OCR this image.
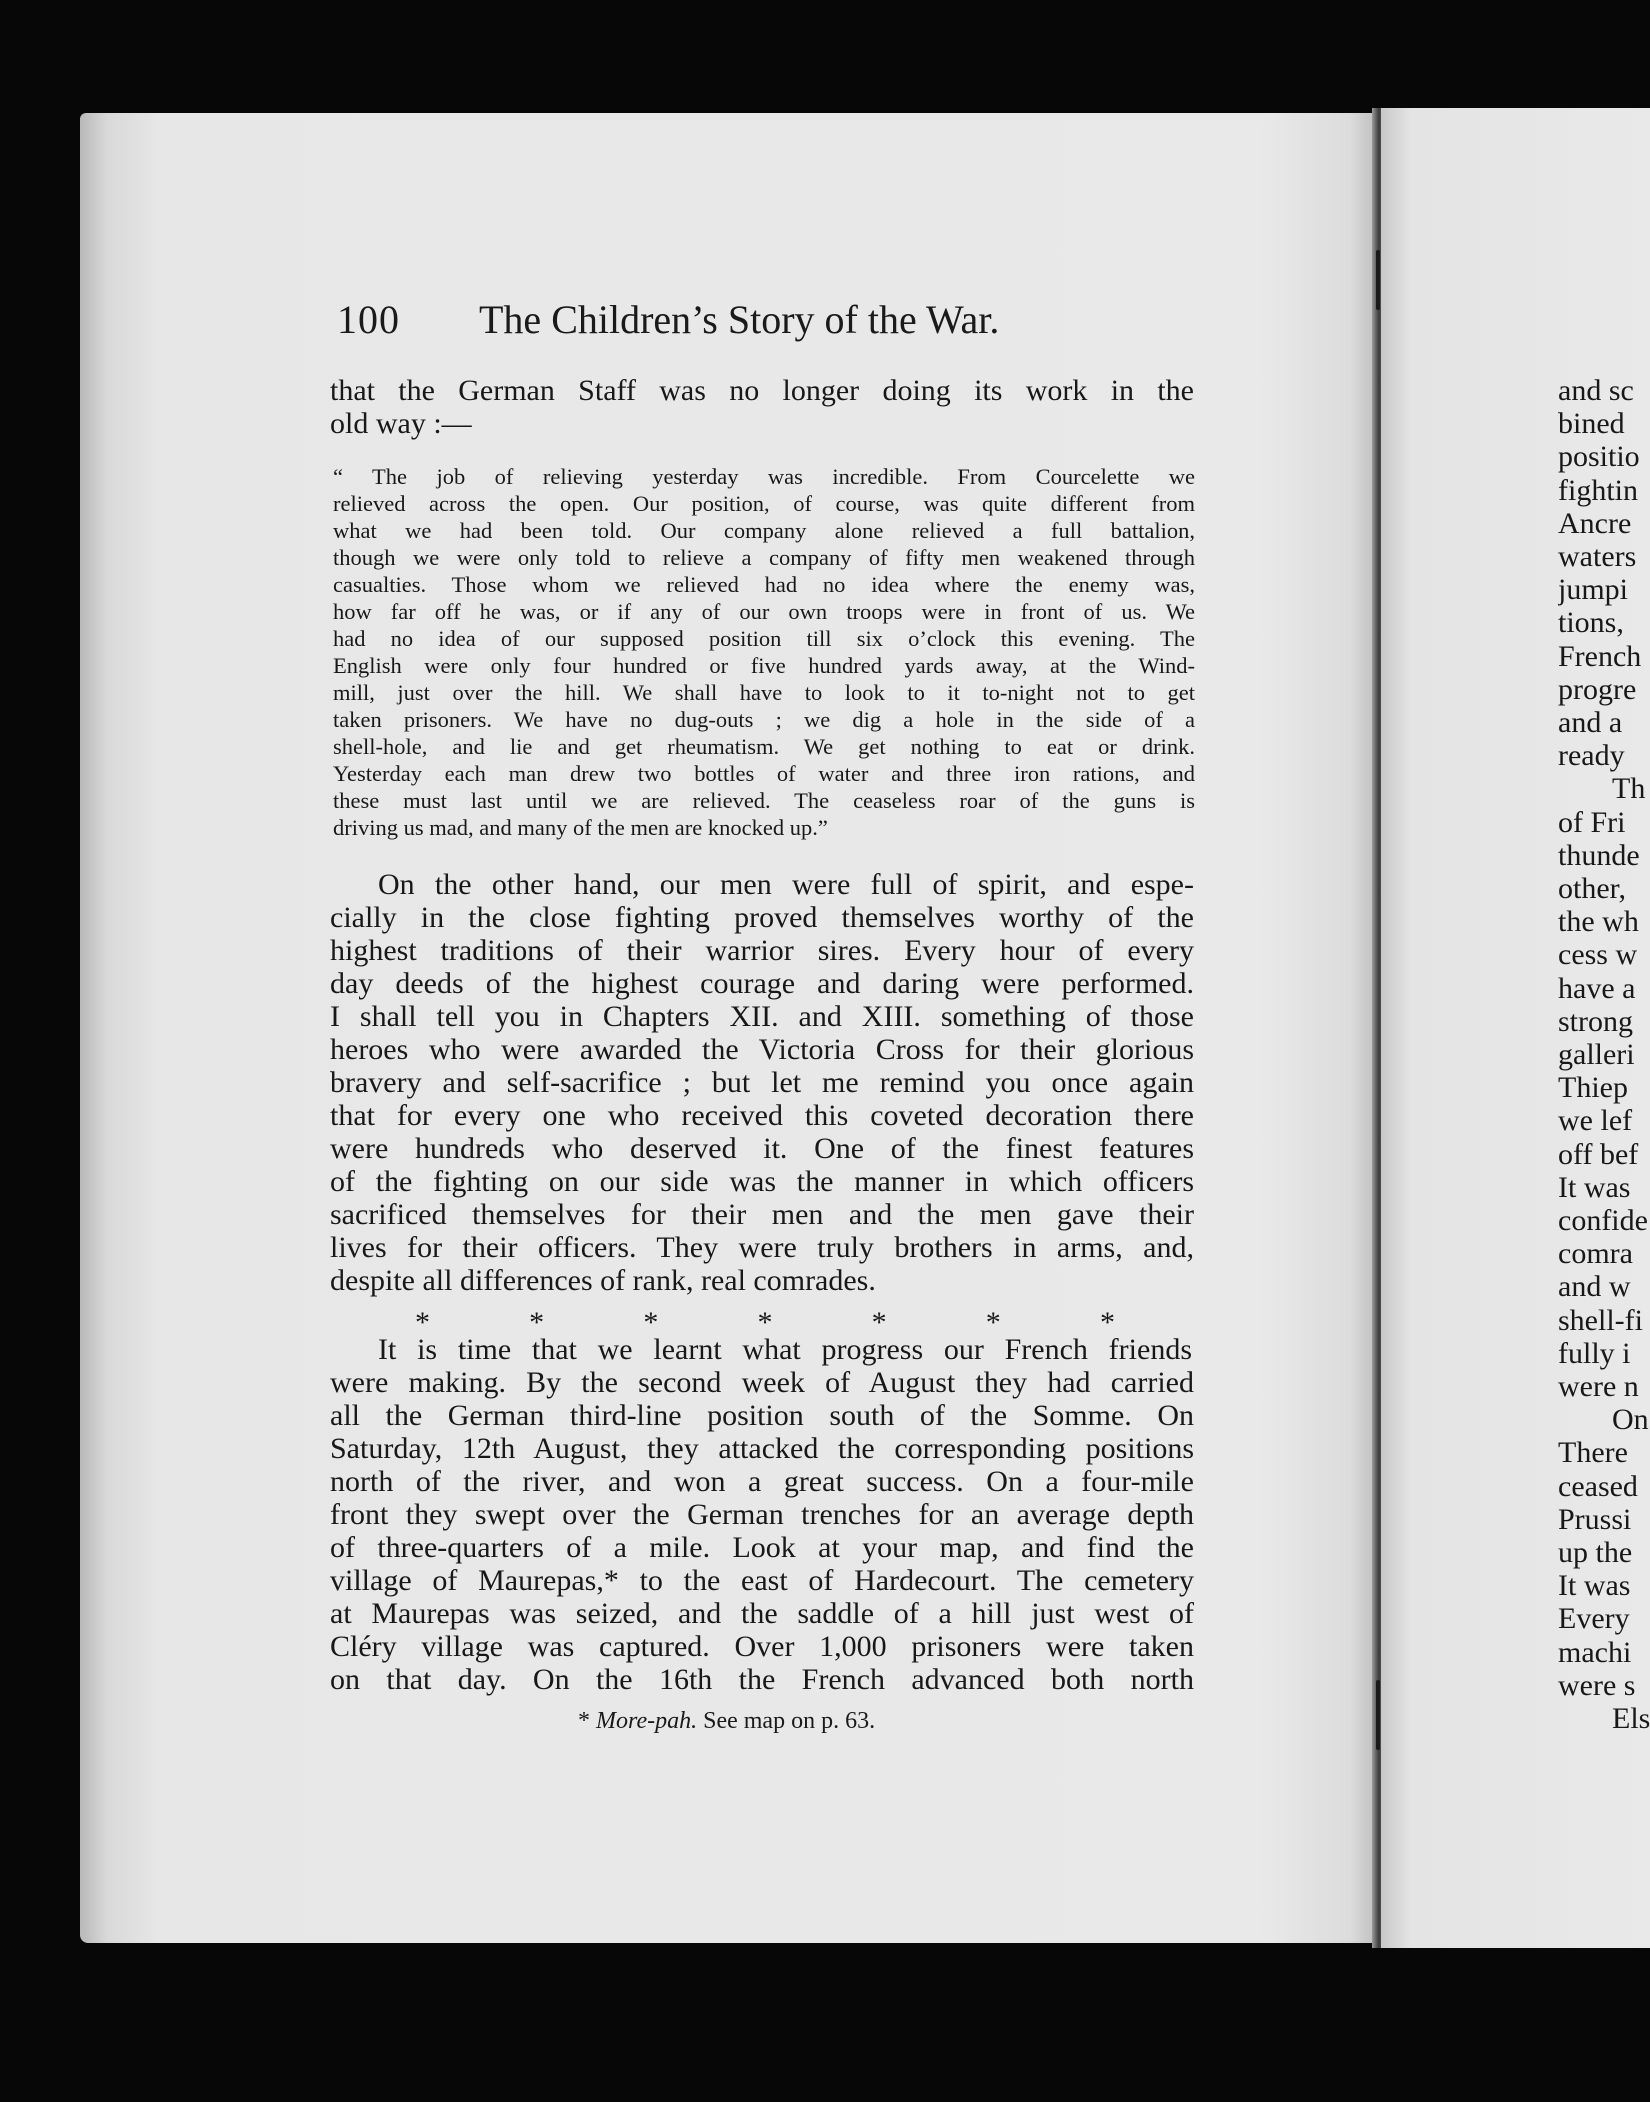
100 The Children’s Story of the War.
that the German Staff was no longer doing its work in the
old way :—
“ The job of relieving yesterday was incredible. From Courcelette we
relieved across the open. Our position, of course, was quite different from
what we had been told. Our company alone relieved a full battalion,
though we were only told to relieve a company of fifty men weakened through
casualties. Those whom we relieved had no idea where the enemy was,
how far off he was, or if any of our own troops were in front of us. We
had no idea of our supposed position till six o’clock this evening. The
English were only four hundred or five hundred yards away, at the Wind-
mill, just over the hill. We shall have to look to it to-night not to get
taken prisoners. We have no dug-outs ; we dig a hole in the side of a
shell-hole, and lie and get rheumatism. We get nothing to eat or drink.
Yesterday each man drew two bottles of water and three iron rations, and
these must last until we are relieved. The ceaseless roar of the guns is
driving us mad, and many of the men are knocked up.”
On the other hand, our men were full of spirit, and espe-
cially in the close fighting proved themselves worthy of the
highest traditions of their warrior sires. Every hour of every
day deeds of the highest courage and daring were performed.
I shall tell you in Chapters XII. and XIII. something of those
heroes who were awarded the Victoria Cross for their glorious
bravery and self-sacrifice ; but let me remind you once again
that for every one who received this coveted decoration there
were hundreds who deserved it. One of the finest features
of the fighting on our side was the manner in which officers
sacrificed themselves for their men and the men gave their
lives for their officers. They were truly brothers in arms, and,
despite all differences of rank, real comrades.
*	*	*	*	*	*	*
It is time that we learnt what progress our French friends
were making. By the second week of August they had carried
all the German third-line position south of the Somme. On
Saturday, 12th August, they attacked the corresponding positions
north of the river, and won a great success. On a four-mile
front they swept over the German trenches for an average depth
of three-quarters of a mile. Look at your map, and find the
village of Maurepas,* to the east of Hardecourt. The cemetery
at Maurepas was seized, and the saddle of a hill just west of
Cléry village was captured. Over 1,000 prisoners were taken
on that day. On the 16th the French advanced both north
* More-pah. See map on p. 63.
and sc
bined
positio
fightin
Ancre
waters
jumpi
tions,
French
progre
and a
ready
Th
of Fri
thunde
other,
the wh
cess w
have a
strong
galleri
Thiep
we lef
off bef
It was
confide
comra
and w
shell-fi
fully i
were n
On
There
ceased
Prussi
up the
It was
Every
machi
were s
Els
